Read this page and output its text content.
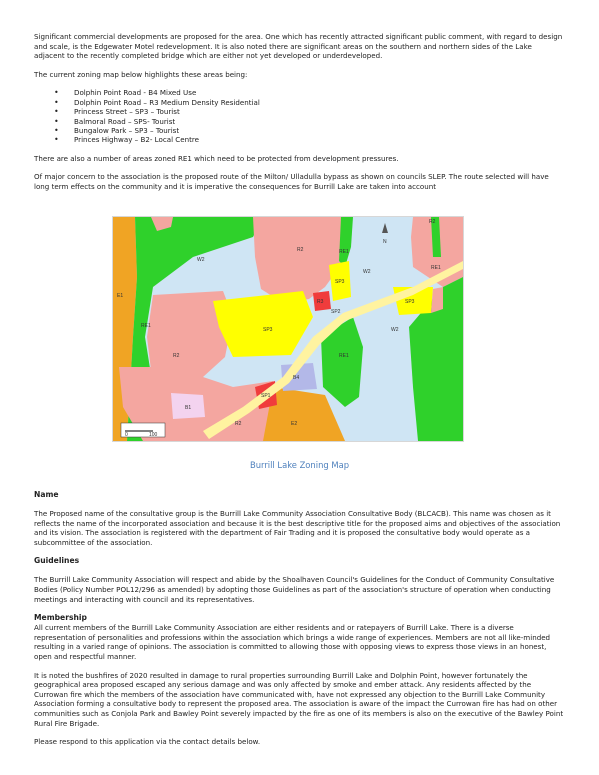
Significant commercial developments are proposed for the area. One which has recently attracted significant public comment, with regard to design and scale, is the Edgewater Motel redevelopment. It is also noted there are significant areas on the southern and northern sides of the Lake adjacent to the recently completed bridge which are either not yet developed or underdeveloped.

The current zoning map below highlights these areas being:

• Dolphin Point Road - B4 Mixed Use
• Dolphin Point Road – R3 Medium Density Residential
• Princess Street – SP3 – Tourist
• Balmoral Road – SPS- Tourist
• Bungalow Park – SP3 – Tourist
• Princes Highway – B2- Local Centre

There are also a number of areas zoned RE1 which need to be protected from development pressures.

Of major concern to the association is the proposed route of the Milton/ Ulladulla bypass as shown on councils SLEP. The route selected will have long term effects on the community and it is imperative the consequences for Burrill Lake are taken into account

0	100
N
W2
W2
W2
RE1
RE1
RE1
RE1
E1
E2
SP3
SP3
SP3
R2
R2
R2
R2
R3
B4
B1
SP2
SP1
Burrill Lake Zoning Map
Name

The Proposed name of the consultative group is the Burrill Lake Community Association Consultative Body (BLCACB). This name was chosen as it reflects the name of the incorporated association and because it is the best descriptive title for the proposed aims and objectives of the association and its vision. The association is registered with the department of Fair Trading and it is proposed the consultative body would operate as a subcommittee of the association.

Guidelines

The Burrill Lake Community Association will respect and abide by the Shoalhaven Council's Guidelines for the Conduct of Community Consultative Bodies (Policy Number POL12/296 as amended) by adopting those Guidelines as part of the association's structure of operation when conducting meetings and interacting with council and its representatives.

Membership

All current members of the Burrill Lake Community Association are either residents and or ratepayers of Burrill Lake. There is a diverse representation of personalities and professions within the association which brings a wide range of experiences. Members are not all like-minded resulting in a varied range of opinions. The association is committed to allowing those with opposing views to express those views in an honest, open and respectful manner.

It is noted the bushfires of 2020 resulted in damage to rural properties surrounding Burrill Lake and Dolphin Point, however fortunately the geographical area proposed escaped any serious damage and was only affected by smoke and ember attack. Any residents affected by the Currowan fire which the members of the association have communicated with, have not expressed any objection to the Burrill Lake Community Association forming a consultative body to represent the proposed area. The association is aware of the impact the Currowan fire has had on other communities such as Conjola Park and Bawley Point severely impacted by the fire as one of its members is also on the executive of the Bawley Point Rural Fire Brigade.

Please respond to this application via the contact details below.
